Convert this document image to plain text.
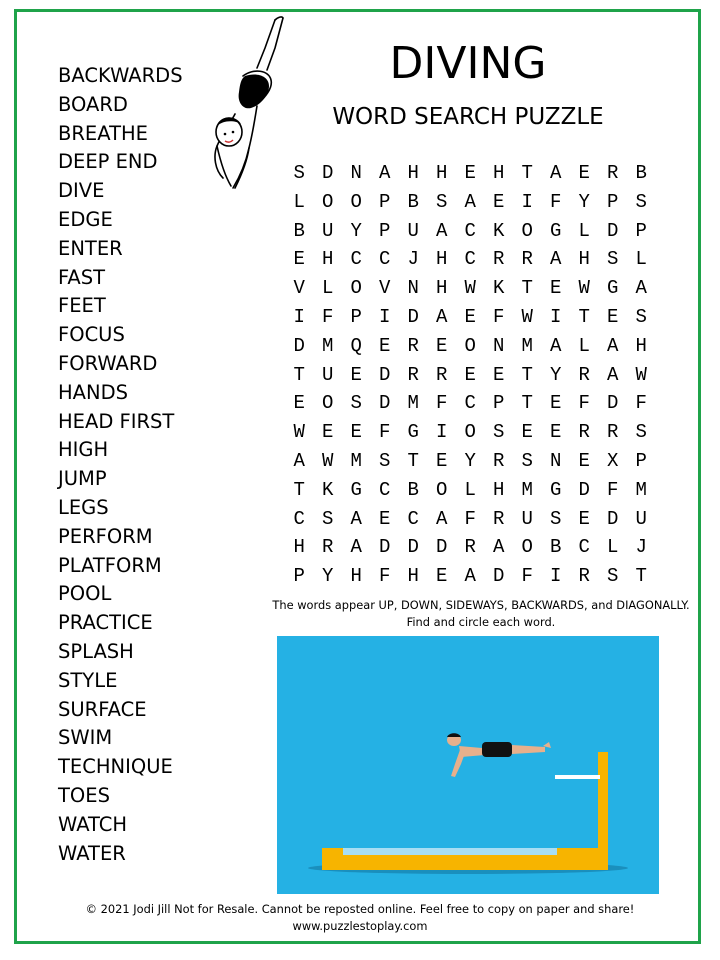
BACKWARDS
BOARD
BREATHE
DEEP END
DIVE
EDGE
ENTER
FAST
FEET
FOCUS
FORWARD
HANDS
HEAD FIRST
HIGH
JUMP
LEGS
PERFORM
PLATFORM
POOL
PRACTICE
SPLASH
STYLE
SURFACE
SWIM
TECHNIQUE
TOES
WATCH
WATER
DIVING
WORD SEARCH PUZZLE
S D N A H H E H T A E R B
L O O P B S A E I F Y P S
B U Y P U A C K O G L D P
E H C C J H C R R A H S L
V L O V N H W K T E W G A
I F P I D A E F W I T E S
D M Q E R E O N M A L A H
T U E D R R E E T Y R A W
E O S D M F C P T E F D F
W E E F G I O S E E R R S
A W M S T E Y R S N E X P
T K G C B O L H M G D F M
C S A E C A F R U S E D U
H R A D D D R A O B C L J
P Y H F H E A D F I R S T

The words appear UP, DOWN, SIDEWAYS, BACKWARDS, and DIAGONALLY.
Find and circle each word.

© 2021 Jodi Jill Not for Resale. Cannot be reposted online. Feel free to copy on paper and share!
www.puzzlestoplay.com
